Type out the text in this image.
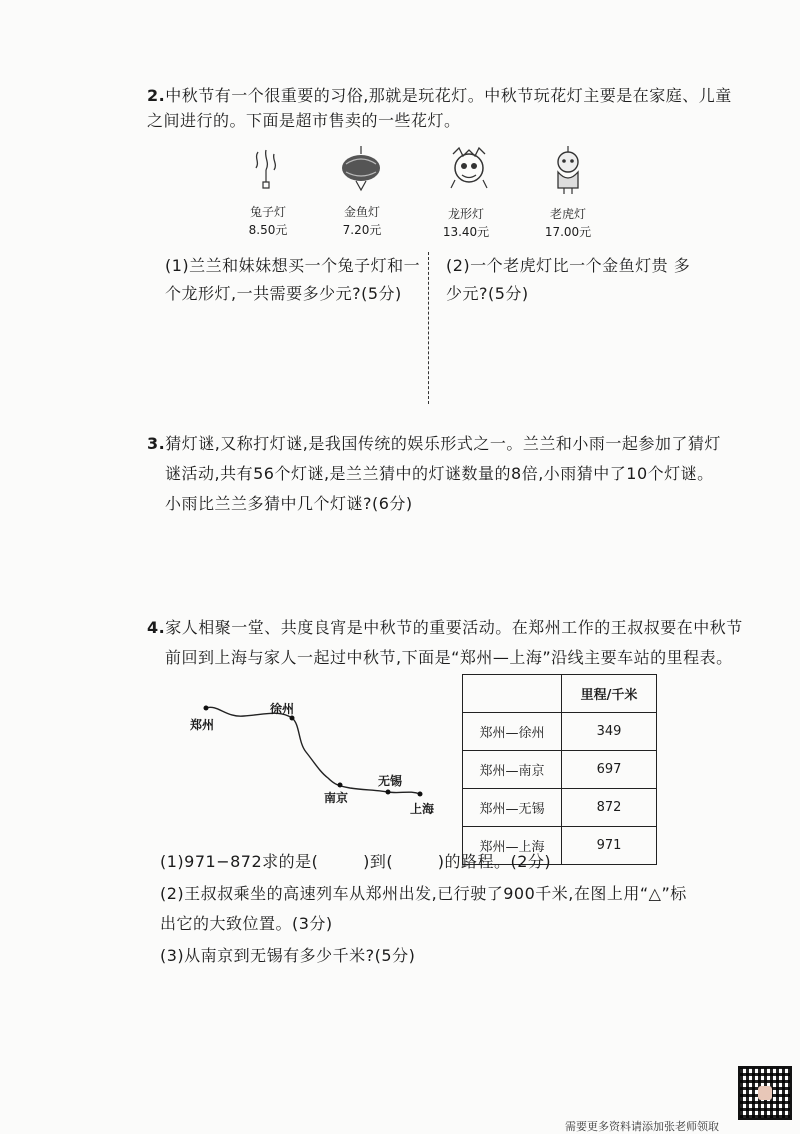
2.中秋节有一个很重要的习俗,那就是玩花灯。中秋节玩花灯主要是在家庭、儿童
之间进行的。下面是超市售卖的一些花灯。
兔子灯
8.50元
金鱼灯
7.20元
龙形灯
13.40元
老虎灯
17.00元
(1)兰兰和妹妹想买一个兔子灯和一
个龙形灯,一共需要多少元?(5分)
(2)一个老虎灯比一个金鱼灯贵 多
少元?(5分)
3.猜灯谜,又称打灯谜,是我国传统的娱乐形式之一。兰兰和小雨一起参加了猜灯
谜活动,共有56个灯谜,是兰兰猜中的灯谜数量的8倍,小雨猜中了10个灯谜。
小雨比兰兰多猜中几个灯谜?(6分)
4.家人相聚一堂、共度良宵是中秋节的重要活动。在郑州工作的王叔叔要在中秋节
前回到上海与家人一起过中秋节,下面是“郑州—上海”沿线主要车站的里程表。
郑州
徐州
南京
无锡
上海
	里程/千米
郑州—徐州	349
郑州—南京	697
郑州—无锡	872
郑州—上海	971
(1)971−872求的是(        )到(        )的路程。(2分)
(2)王叔叔乘坐的高速列车从郑州出发,已行驶了900千米,在图上用“△”标
出它的大致位置。(3分)
(3)从南京到无锡有多少千米?(5分)
需要更多资料请添加张老师领取
